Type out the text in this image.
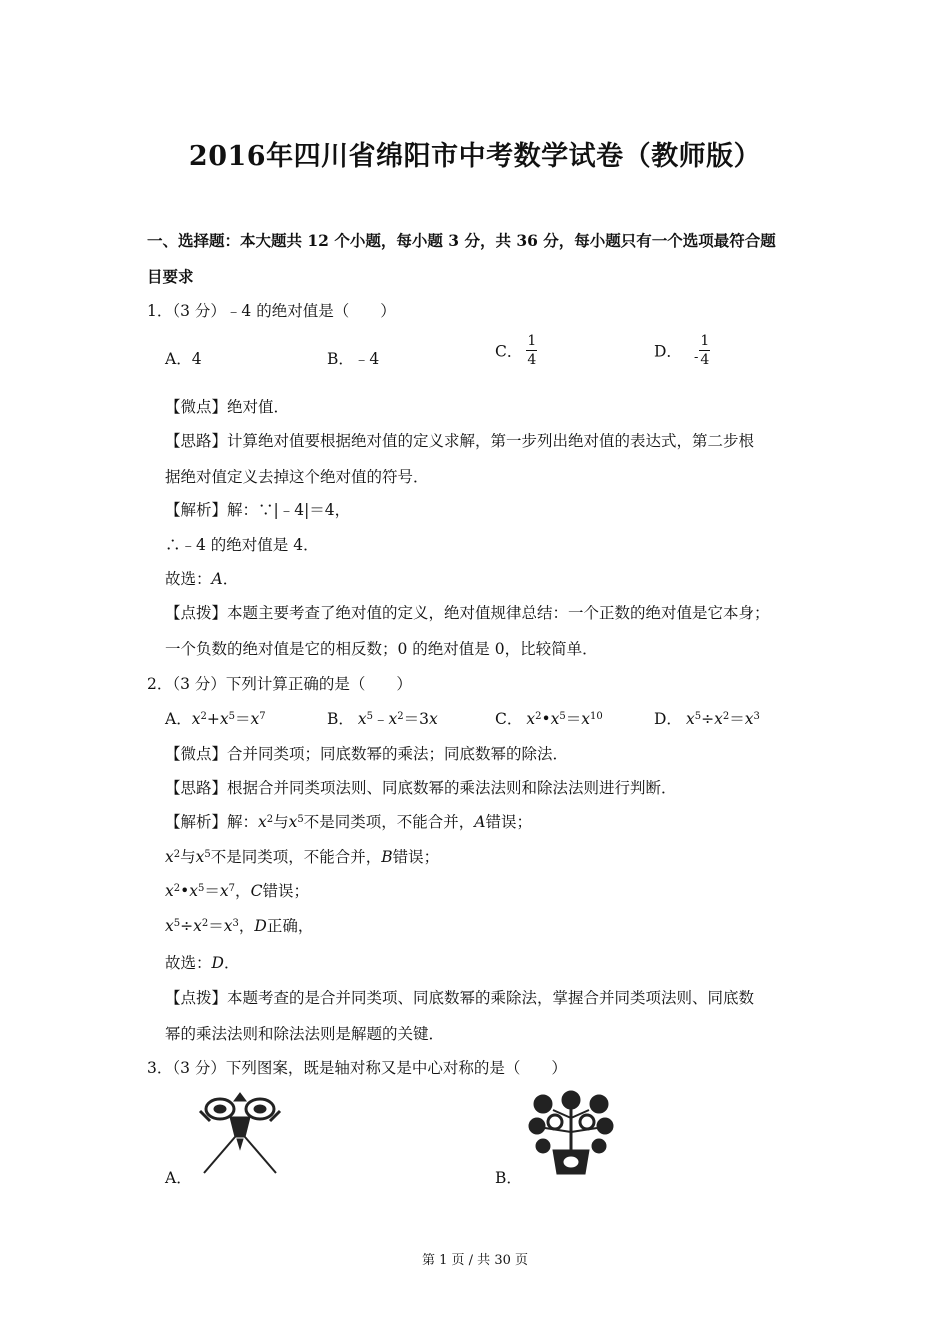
2016年四川省绵阳市中考数学试卷（教师版）
一、选择题：本大题共 12 个小题，每小题 3 分，共 36 分，每小题只有一个选项最符合题
目要求
1．（3 分）﹣4 的绝对值是（　　）
A．4	B．﹣4	C． $\frac{1}{4}$	D． $_- \frac{1}{4}$
【微点】绝对值．
【思路】计算绝对值要根据绝对值的定义求解，第一步列出绝对值的表达式，第二步根
据绝对值定义去掉这个绝对值的符号．
【解析】解：∵|﹣4|＝4，
∴﹣4 的绝对值是 4．
故选：A．
【点拨】本题主要考查了绝对值的定义，绝对值规律总结：一个正数的绝对值是它本身；
一个负数的绝对值是它的相反数；0 的绝对值是 0，比较简单．
2．（3 分）下列计算正确的是（　　）
A．$x^2+x^5=x^7$	B． $x^5﹣x^2=3x$	C． $x^2•x^5=x^{10}$	D． $x^5\div x^2=x^3$
【微点】合并同类项；同底数幂的乘法；同底数幂的除法．
【思路】根据合并同类项法则、同底数幂的乘法法则和除法法则进行判断．
【解析】解：$x^2$与$x^5$不是同类项，不能合并，A错误；
$x^2$与$x^5$不是同类项，不能合并，B错误；
$x^2•x^5=x^7$，C错误；
$x^5\div x^2=x^3$，D正确，
故选：D．
【点拨】本题考查的是合并同类项、同底数幂的乘除法，掌握合并同类项法则、同底数
幂的乘法法则和除法法则是解题的关键．
3．（3 分）下列图案，既是轴对称又是中心对称的是（　　）
A．	B．
第 1 页 / 共 30 页
